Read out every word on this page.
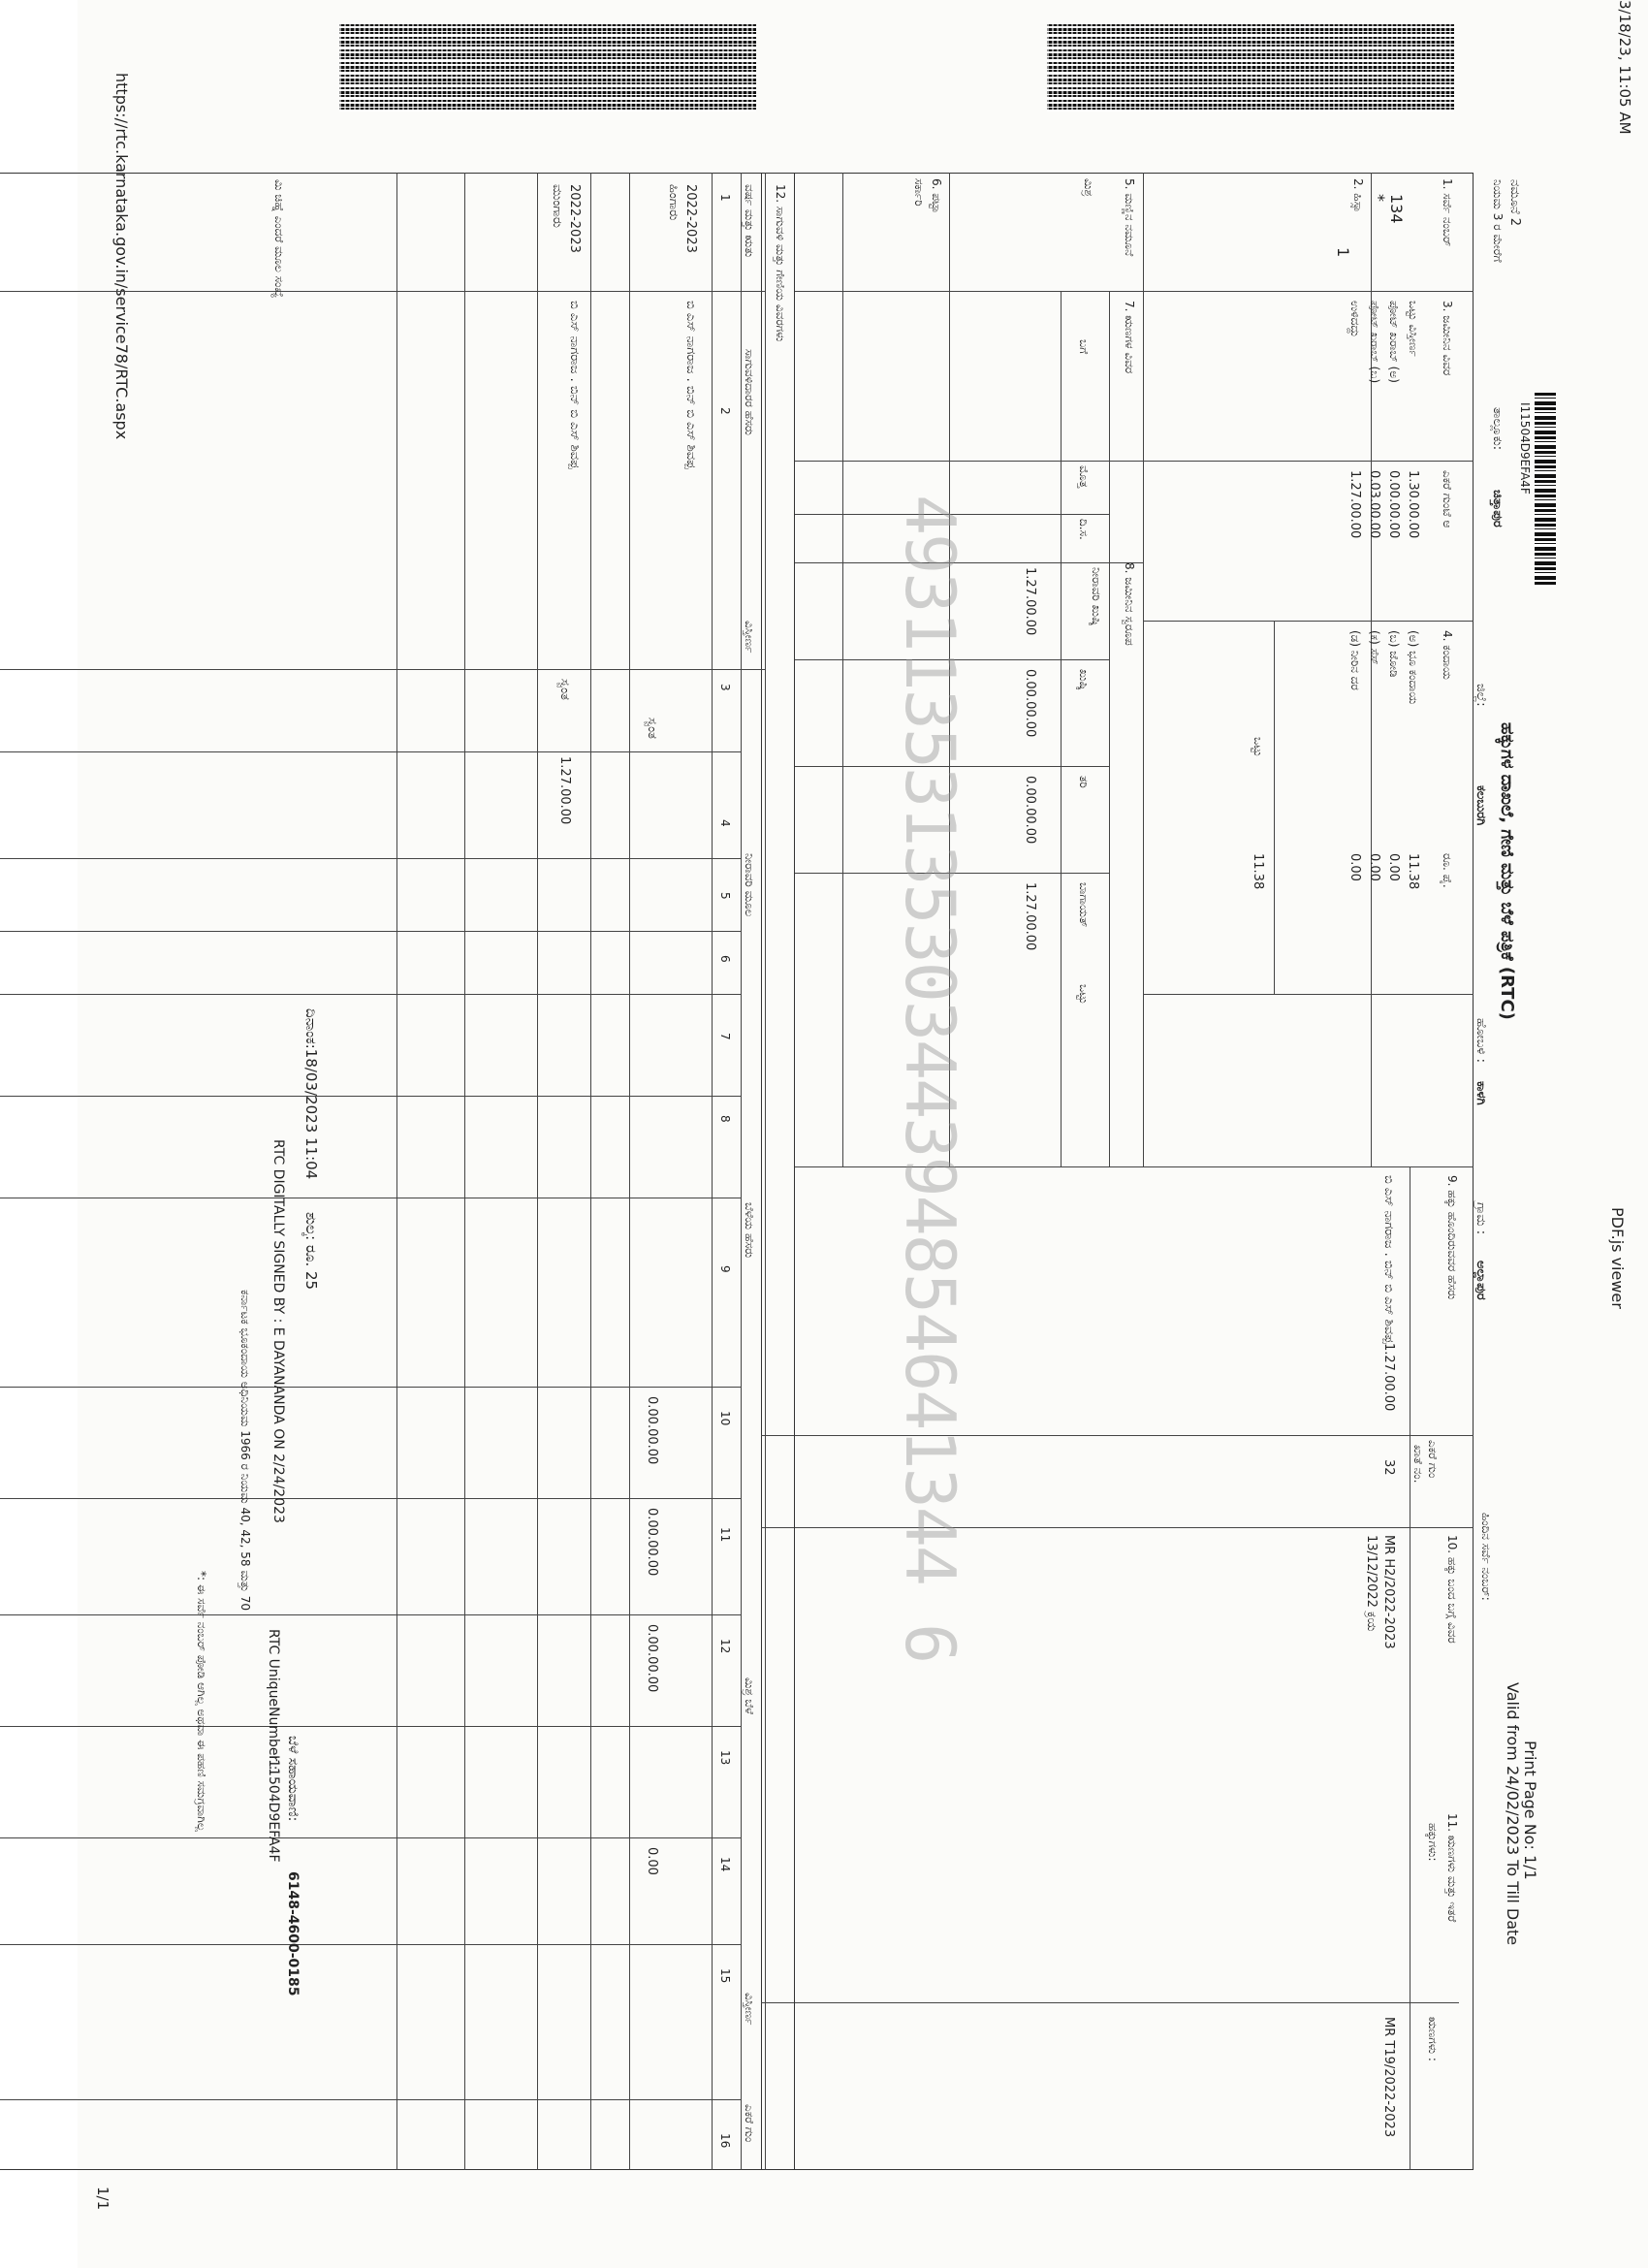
3/18/23, 11:05 AM
PDF.js viewer
https://rtc.karnataka.gov.in/service78/RTC.aspx
1/1
I11504D9EFA4F
ನಮೂನೆ 2
ನಿಯಮ 3 ರ ಮೇರೆಗೆ
ತಾಲ್ಲೂಕು:
ಚಿತ್ತಾಪುರ
ಹಕ್ಕುಗಳ ದಾಖಲೆ, ಗೇಣಿ ಮತ್ತು ಬೆಳೆ ಪತ್ರಿಕೆ (RTC)
ಜಿಲ್ಲೆ:
ಕಲಬುರಗಿ
ಹೋಬಳಿ :
ಕಾಳಗಿ
ಗ್ರಾಮ :
ಅಲ್ಲಾಪುರ
Print Page No: 1/1
Valid from 24/02/2023 To Till Date
ಹಿಂದಿನ ಸರ್ವೆ ನಂಬರ್:
1. ಸರ್ವೆ ನಂಬರ್
2. ಹಿಸ್ಸಾ
3. ಜಮೀನಿನ ವಿವರ
4. ಕಂದಾಯ
5. ಮಣ್ಣಿನ ನಮೂನೆ
6. ಪಟ್ಟಾ
7. ಋಣಗಳ ವಿವರ
8. ಜಮೀನಿನ ಸ್ವರೂಪ
9. ಹಕ್ಕು ಹೊಂದಿರುವವರ ಹೆಸರು
10. ಹಕ್ಕು ಬಂದ ಬಗ್ಗೆ ವಿವರ
11. ಋಣಗಳು ಮತ್ತು ಇತರೆ
134
*
1
ಒಟ್ಟು ವಿಸ್ತೀರ್ಣ
ಪೋಟ್ ಖರಾಬ್ (ಅ)
ಪೋಟ್ ಖರಾಬ್ (ಬ)
ಉಳಿದದ್ದು
ಎಕರೆ ಗುಂಟೆ ಆ
1.30.00.00
0.00.00.00
0.03.00.00
1.27.00.00
(ಅ) ಭೂ ಕಂದಾಯ
(ಬ) ಜೋಡಿ
(ಕ) ಸೆಸ್
(ಡ) ನೀರಿನ ದರ
ರೂ. ಪೈ.
11.38
0.00
0.00
0.00
ಒಟ್ಟು
11.38
ಮಿಶ್ರ
ಸರ್ಕಾರಿ
ಬಗೆ
ಮೊತ್ತ
ದಿ.ಸ.
ನೀರಾವರಿ ಖುಷ್ಕಿ
ಖುಷ್ಕಿ
ತರಿ
ಬಾಗಾಯತ್
ಒಟ್ಟು
1.27.00.00
0.00.00.00
0.00.00.00
1.27.00.00
ಎಕರೆ ಗುಂ
ಖಾತೆ ನಂ.
ಬಿ ಎಸ್ ನಾಗರಾಜ . ಬಿನ್ ಬಿ ಎಸ್ ಶಿವಪ್ಪ
1.27.00.00
32
MR H2/2022-2023
13/12/2022 ಕ್ರಯ
ಹಕ್ಕುಗಳು:
ಋಣಗಳು :
MR T19/2022-2023
12. ಸಾಗುವಳಿ ಮತ್ತು ಗೇಣಿಯ ವಿವರಗಳು
ವರ್ಷ ಮತ್ತು ಋತು
ಸಾಗುವಳಿದಾರರ ಹೆಸರು
ವಿಸ್ತೀರ್ಣ
ನೀರಾವರಿ ಮೂಲ
ಬೆಳೆಯ ಹೆಸರು
ಮಿಶ್ರ ಬೆಳೆ
ವಿಸ್ತೀರ್ಣ
ಎಕರೆ ಗುಂ
1
2
3
4
5
6
7
8
9
10
11
12
13
14
15
16
2022-2023
ಹಿಂಗಾರು
ಬಿ ಎಸ್ ನಾಗರಾಜ . ಬಿನ್ ಬಿ ಎಸ್ ಶಿವಪ್ಪ
ಸ್ವಂತ
0.00.00.00
0.00.00.00
0.00.00.00
0.00
2022-2023
ಮುಂಗಾರು
ಬಿ ಎಸ್ ನಾಗರಾಜ . ಬಿನ್ ಬಿ ಎಸ್ ಶಿವಪ್ಪ
ಸ್ವಂತ
1.27.00.00	4931135313530344394854641344 6
ಮಿ ಚಿಹ್ನೆ ಎಂದರೆ ಮೂಲ ಸಂಖ್ಯೆ
ದಿನಾಂಕ:18/03/2023 11:04
ಶುಲ್ಕ: ರೂ. 25
RTC DIGITALLY SIGNED BY : E DAYANANDA ON 2/24/2023
ಕರ್ನಾಟಕ ಭೂಕಂದಾಯ ಅಧಿನಿಯಮ 1966 ರ ನಿಯಮ 40, 42, 58 ಮತ್ತು 70
ಬೆಳೆ ಸಹಾಯವಾಣಿ:
6148-4600-0185
RTC UniqueNumber :
I11504D9EFA4F
*: ಈ ಸರ್ವೆ ನಂಬರ್ ಪೋಡಿ ಆಗಿಲ್ಲ ಅಥವಾ ಈ ಪಹಣಿ ಸಮಗ್ರವಾಗಿಲ್ಲ
